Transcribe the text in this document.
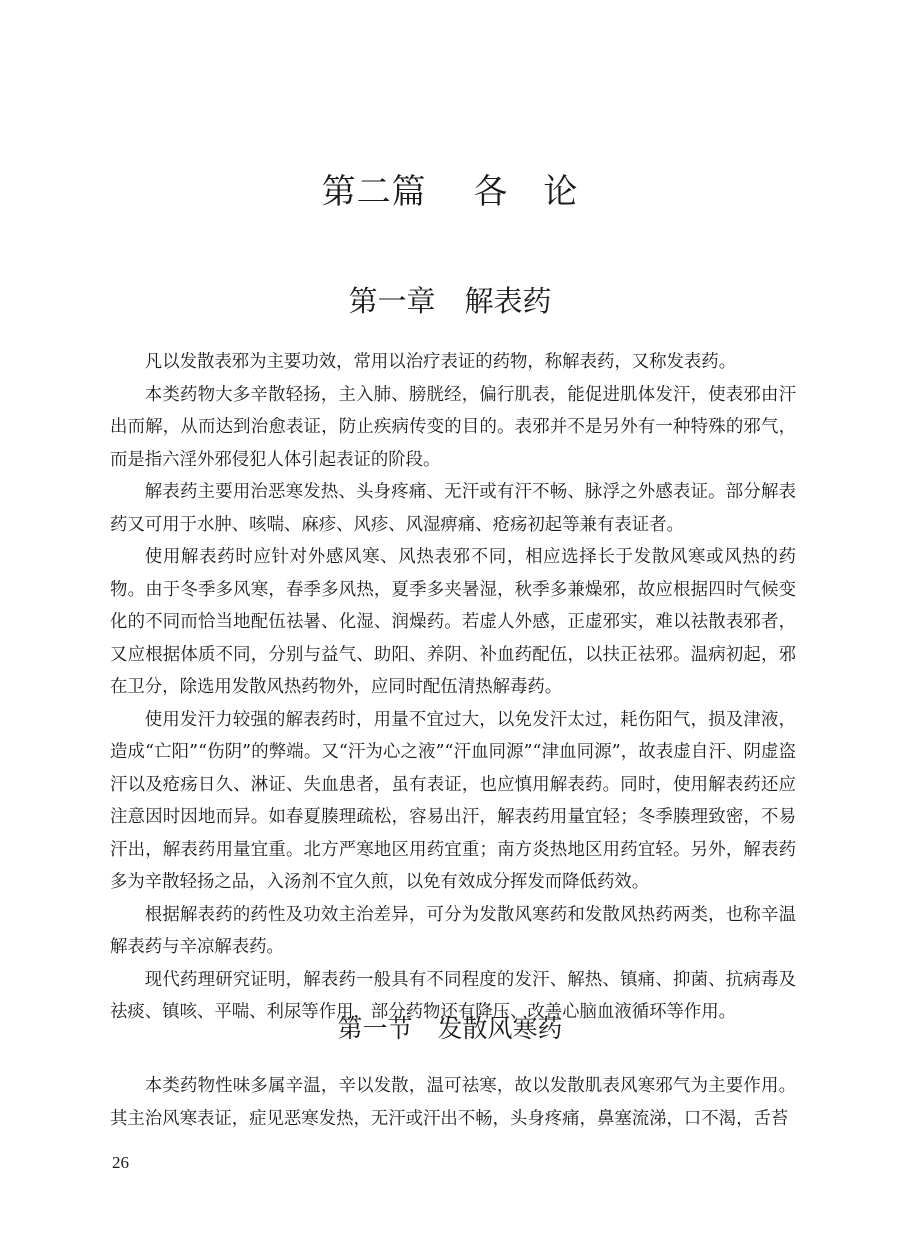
第二篇　 各　论
第一章　解表药

凡以发散表邪为主要功效，常用以治疗表证的药物，称解表药，又称发表药。

本类药物大多辛散轻扬，主入肺、膀胱经，偏行肌表，能促进肌体发汗，使表邪由汗出而解，从而达到治愈表证，防止疾病传变的目的。表邪并不是另外有一种特殊的邪气，而是指六淫外邪侵犯人体引起表证的阶段。

解表药主要用治恶寒发热、头身疼痛、无汗或有汗不畅、脉浮之外感表证。部分解表药又可用于水肿、咳喘、麻疹、风疹、风湿痹痛、疮疡初起等兼有表证者。

使用解表药时应针对外感风寒、风热表邪不同，相应选择长于发散风寒或风热的药物。由于冬季多风寒，春季多风热，夏季多夹暑湿，秋季多兼燥邪，故应根据四时气候变化的不同而恰当地配伍祛暑、化湿、润燥药。若虚人外感，正虚邪实，难以祛散表邪者，又应根据体质不同，分别与益气、助阳、养阴、补血药配伍，以扶正祛邪。温病初起，邪在卫分，除选用发散风热药物外，应同时配伍清热解毒药。

使用发汗力较强的解表药时，用量不宜过大，以免发汗太过，耗伤阳气，损及津液，造成“亡阳”“伤阴”的弊端。又“汗为心之液”“汗血同源”“津血同源”，故表虚自汗、阴虚盗汗以及疮疡日久、淋证、失血患者，虽有表证，也应慎用解表药。同时，使用解表药还应注意因时因地而异。如春夏腠理疏松，容易出汗，解表药用量宜轻；冬季腠理致密，不易汗出，解表药用量宜重。北方严寒地区用药宜重；南方炎热地区用药宜轻。另外，解表药多为辛散轻扬之品，入汤剂不宜久煎，以免有效成分挥发而降低药效。

根据解表药的药性及功效主治差异，可分为发散风寒药和发散风热药两类，也称辛温解表药与辛凉解表药。

现代药理研究证明，解表药一般具有不同程度的发汗、解热、镇痛、抑菌、抗病毒及祛痰、镇咳、平喘、利尿等作用，部分药物还有降压、改善心脑血液循环等作用。

第一节　发散风寒药

本类药物性味多属辛温，辛以发散，温可祛寒，故以发散肌表风寒邪气为主要作用。其主治风寒表证，症见恶寒发热，无汗或汗出不畅，头身疼痛，鼻塞流涕，口不渴，舌苔

26
